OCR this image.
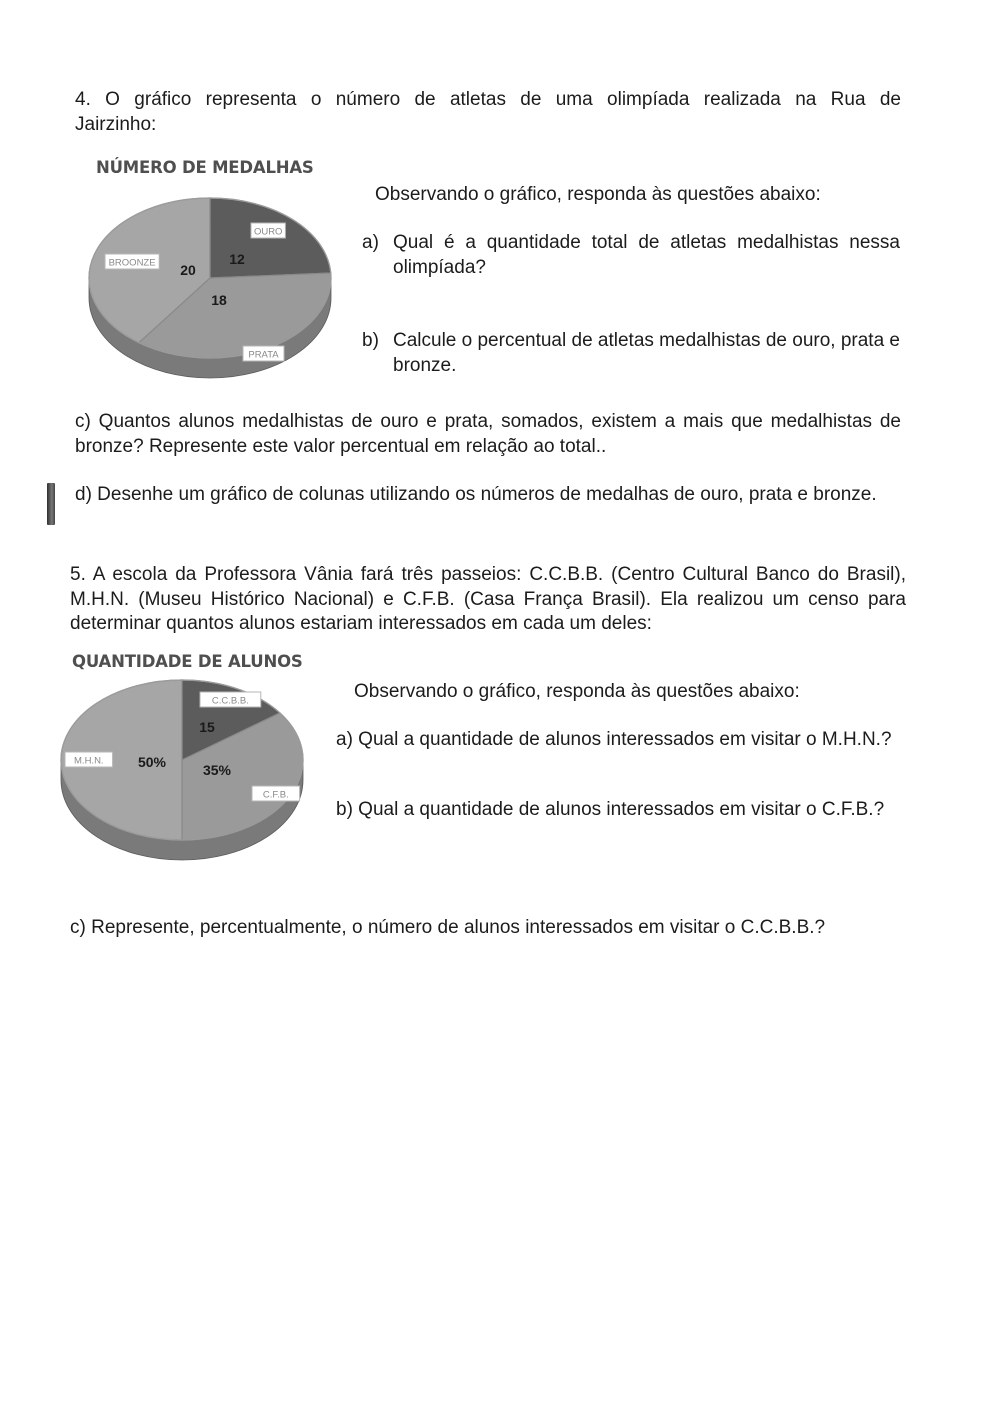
4. O gráfico representa o número de atletas de uma olimpíada realizada na Rua de

Jairzinho:

NÚMERO DE MEDALHAS
12
18
20
OURO
PRATA
BROONZE
Observando o gráfico, responda às questões abaixo:
a) Qual é a quantidade total de atletas medalhistas nessa olimpíada?
b) Calcule o percentual de atletas medalhistas de ouro, prata e bronze.

c) Quantos alunos medalhistas de ouro e prata, somados, existem a mais que medalhistas de bronze? Represente este valor percentual em relação ao total..

d) Desenhe um gráfico de colunas utilizando os números de medalhas de ouro, prata e bronze.

5. A escola da Professora Vânia fará três passeios: C.C.B.B. (Centro Cultural Banco do Brasil), M.H.N. (Museu Histórico Nacional) e C.F.B. (Casa França Brasil). Ela realizou um censo para determinar quantos alunos estariam interessados em cada um deles:

QUANTIDADE DE ALUNOS
15
35%
50%
C.C.B.B.
C.F.B.
M.H.N.
Observando o gráfico, responda às questões abaixo:
a) Qual a quantidade de alunos interessados em visitar o M.H.N.?
b) Qual a quantidade de alunos interessados em visitar o C.F.B.?
c) Represente, percentualmente, o número de alunos interessados em visitar o C.C.B.B.?
